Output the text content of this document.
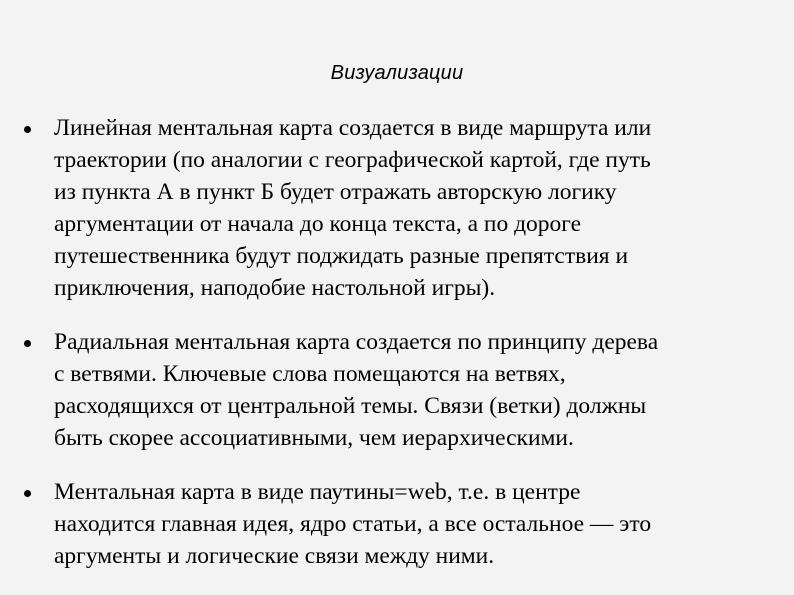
Визуализации
Линейная ментальная карта создается в виде маршрута или
траектории (по аналогии с географической картой, где путь
из пункта А в пункт Б будет отражать авторскую логику
аргументации от начала до конца текста, а по дороге
путешественника будут поджидать разные препятствия и
приключения, наподобие настольной игры).
Радиальная ментальная карта создается по принципу дерева
с ветвями. Ключевые слова помещаются на ветвях,
расходящихся от центральной темы. Связи (ветки) должны
быть скорее ассоциативными, чем иерархическими.
Ментальная карта в виде паутины=web, т.е. в центре
находится главная идея, ядро статьи, а все остальное — это
аргументы и логические связи между ними.
